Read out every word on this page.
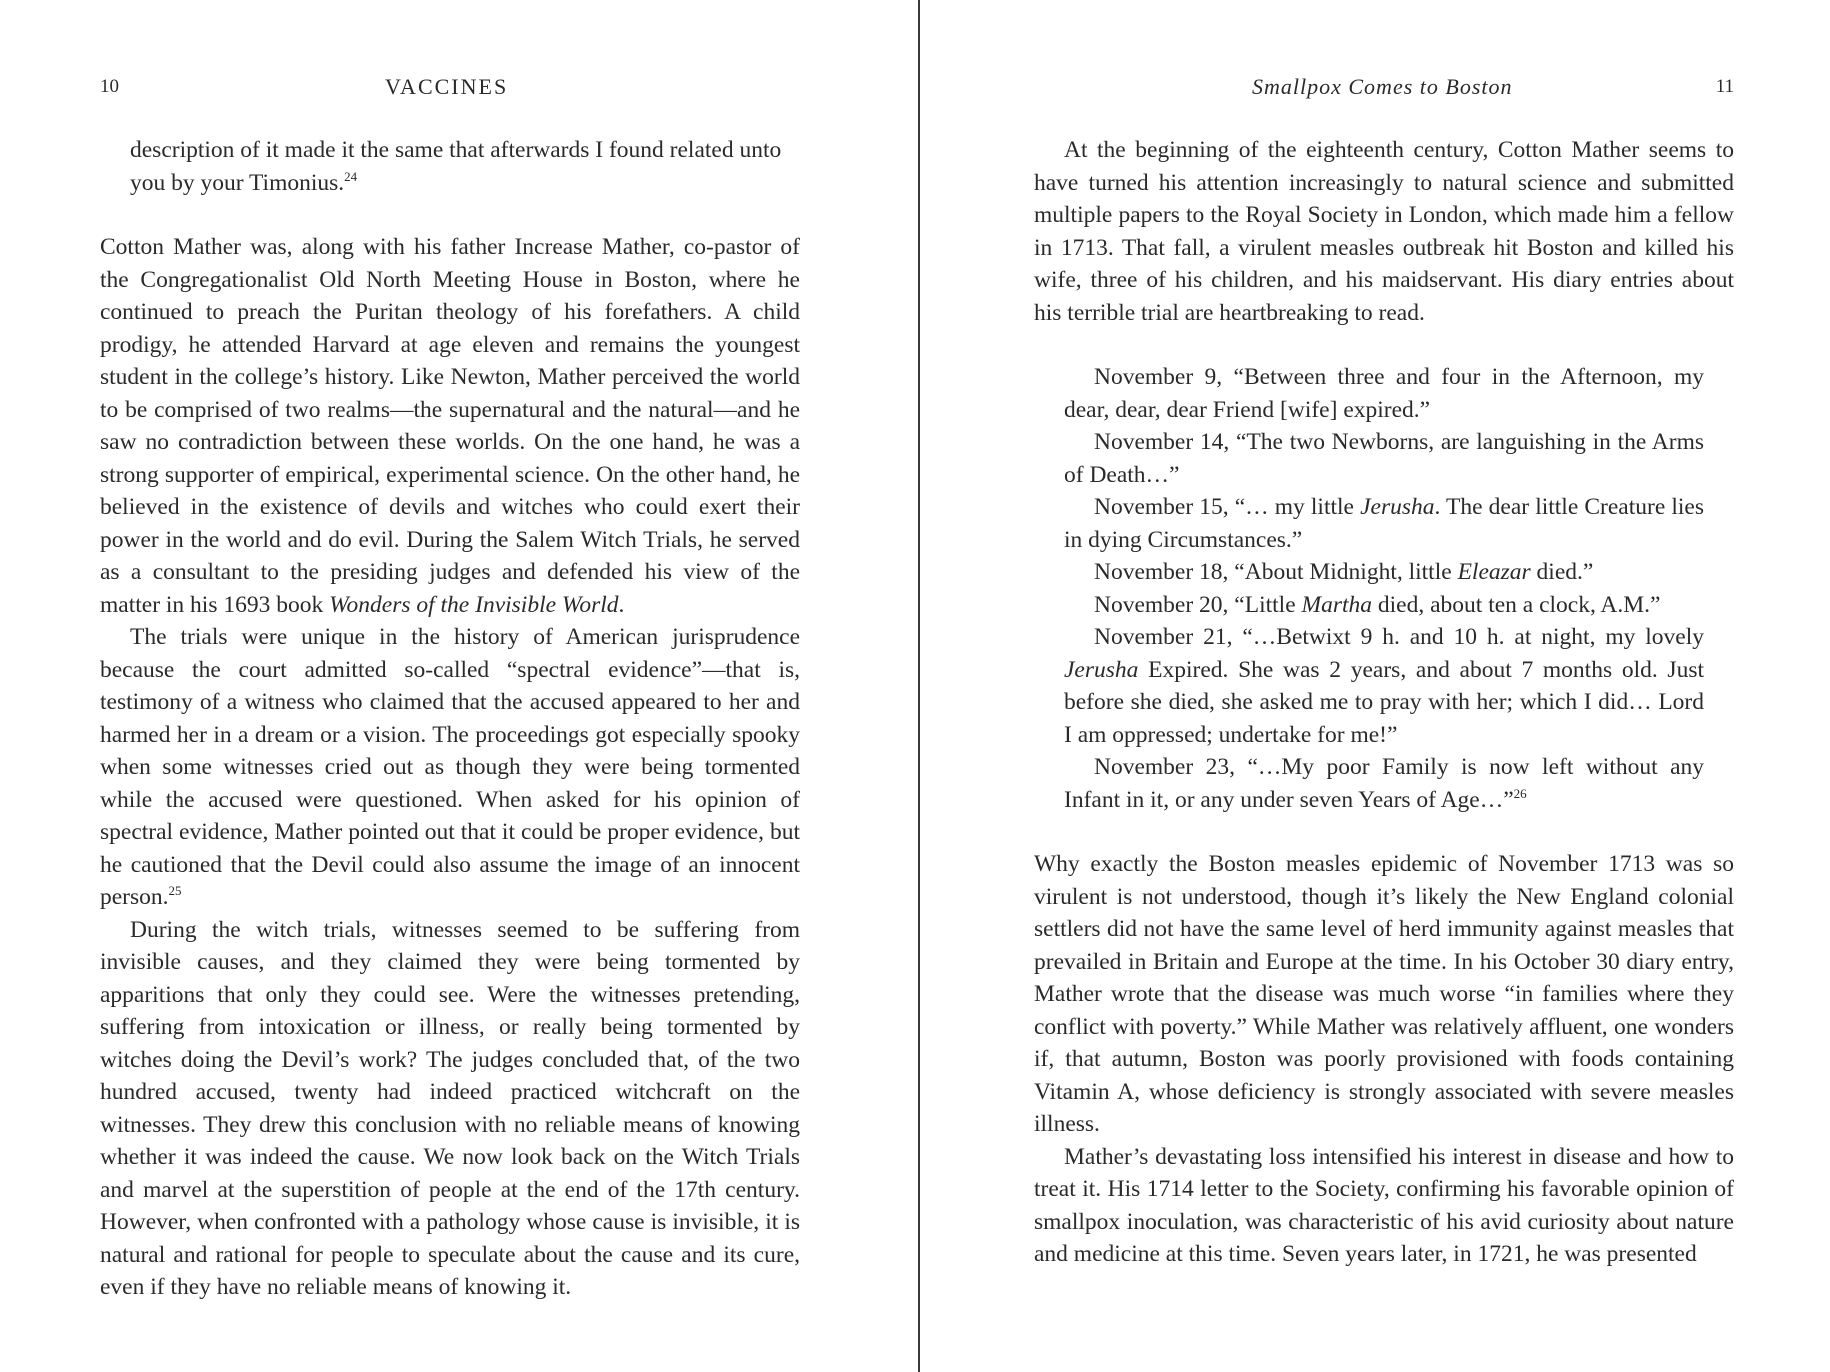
10	VACCINES

description of it made it the same that afterwards I found related unto you by your Timonius.$^{24}$

Cotton Mather was, along with his father Increase Mather, co-pastor of the Congregationalist Old North Meeting House in Boston, where he continued to preach the Puritan theology of his forefathers. A child prodigy, he attended Harvard at age eleven and remains the youngest student in the college’s history. Like Newton, Mather perceived the world to be comprised of two realms—the supernatural and the natural—and he saw no contradiction between these worlds. On the one hand, he was a strong supporter of empirical, experimental science. On the other hand, he believed in the existence of devils and witches who could exert their power in the world and do evil. During the Salem Witch Trials, he served as a consultant to the presiding judges and defended his view of the matter in his 1693 book Wonders of the Invisible World.

The trials were unique in the history of American jurisprudence because the court admitted so-called “spectral evidence”—that is, testimony of a witness who claimed that the accused appeared to her and harmed her in a dream or a vision. The proceedings got especially spooky when some witnesses cried out as though they were being tormented while the accused were questioned. When asked for his opinion of spectral evidence, Mather pointed out that it could be proper evidence, but he cautioned that the Devil could also assume the image of an innocent person.$^{25}$

During the witch trials, witnesses seemed to be suffering from invisible causes, and they claimed they were being tormented by apparitions that only they could see. Were the witnesses pretending, suffering from intoxication or illness, or really being tormented by witches doing the Devil’s work? The judges concluded that, of the two hundred accused, twenty had indeed practiced witchcraft on the witnesses. They drew this conclusion with no reliable means of knowing whether it was indeed the cause. We now look back on the Witch Trials and marvel at the superstition of people at the end of the 17th century. However, when confronted with a pathology whose cause is invisible, it is natural and rational for people to speculate about the cause and its cure, even if they have no reliable means of knowing it.

Smallpox Comes to Boston	11

At the beginning of the eighteenth century, Cotton Mather seems to have turned his attention increasingly to natural science and submitted multiple papers to the Royal Society in London, which made him a fellow in 1713. That fall, a virulent measles outbreak hit Boston and killed his wife, three of his children, and his maidservant. His diary entries about his terrible trial are heartbreaking to read.

November 9, “Between three and four in the Afternoon, my dear, dear, dear Friend [wife] expired.”

November 14, “The two Newborns, are languishing in the Arms of Death…”

November 15, “… my little Jerusha. The dear little Creature lies in dying Circumstances.”

November 18, “About Midnight, little Eleazar died.”

November 20, “Little Martha died, about ten a clock, A.M.”

November 21, “…Betwixt 9 h. and 10 h. at night, my lovely Jerusha Expired. She was 2 years, and about 7 months old. Just before she died, she asked me to pray with her; which I did… Lord I am oppressed; undertake for me!”

November 23, “…My poor Family is now left without any Infant in it, or any under seven Years of Age…”$^{26}$

Why exactly the Boston measles epidemic of November 1713 was so virulent is not understood, though it’s likely the New England colonial settlers did not have the same level of herd immunity against measles that prevailed in Britain and Europe at the time. In his October 30 diary entry, Mather wrote that the disease was much worse “in families where they conflict with poverty.” While Mather was relatively affluent, one wonders if, that autumn, Boston was poorly provisioned with foods containing Vitamin A, whose deficiency is strongly associated with severe measles illness.

Mather’s devastating loss intensified his interest in disease and how to treat it. His 1714 letter to the Society, confirming his favorable opinion of smallpox inoculation, was characteristic of his avid curiosity about nature and medicine at this time. Seven years later, in 1721, he was presented
